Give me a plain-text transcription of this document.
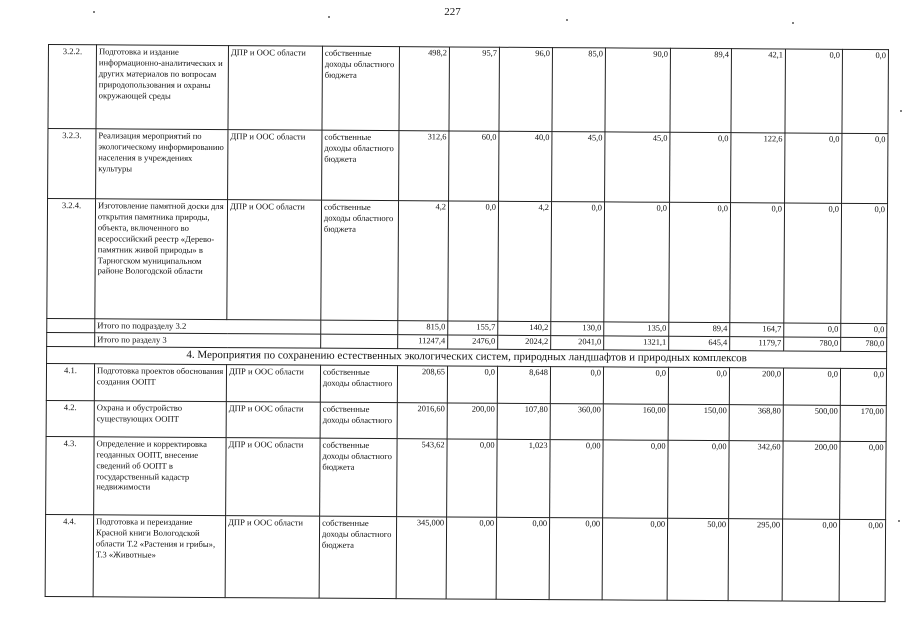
227
3.2.2.	Подготовка и издание информационно-аналитических и других материалов по вопросам природопользования и охраны окружающей среды	ДПР и ООС области	собственные доходы областного бюджета	498,2	95,7	96,0	85,0	90,0	89,4	42,1	0,0	0,0
3.2.3.	Реализация мероприятий по экологическому информированию населения в учреждениях культуры	ДПР и ООС области	собственные доходы областного бюджета	312,6	60,0	40,0	45,0	45,0	0,0	122,6	0,0	0,0
3.2.4.	Изготовление памятной доски для открытия памятника природы, объекта, включенного во всероссийский реестр «Дерево-памятник живой природы» в Тарногском муниципальном районе Вологодской области	ДПР и ООС области	собственные доходы областного бюджета	4,2	0,0	4,2	0,0	0,0	0,0	0,0	0,0	0,0
	Итого по подразделу 3.2			815,0	155,7	140,2	130,0	135,0	89,4	164,7	0,0	0,0
	Итого по разделу 3			11247,4	2476,0	2024,2	2041,0	1321,1	645,4	1179,7	780,0	780,0
4. Мероприятия по сохранению естественных экологических систем, природных ландшафтов и природных комплексов												
4.1.	Подготовка проектов обоснования создания ООПТ	ДПР и ООС области	собственные доходы областного	208,65	0,0	8,648	0,0	0,0	0,0	200,0	0,0	0,0
4.2.	Охрана и обустройство существующих ООПТ	ДПР и ООС области	собственные доходы областного	2016,60	200,00	107,80	360,00	160,00	150,00	368,80	500,00	170,00
4.3.	Определение и корректировка геоданных ООПТ, внесение сведений об ООПТ в государственный кадастр недвижимости	ДПР и ООС области	собственные доходы областного бюджета	543,62	0,00	1,023	0,00	0,00	0,00	342,60	200,00	0,00
4.4.	Подготовка и переиздание Красной книги Вологодской области Т.2 «Растения и грибы», Т.3 «Животные»	ДПР и ООС области	собственные доходы областного бюджета	345,000	0,00	0,00	0,00	0,00	50,00	295,00	0,00	0,00
